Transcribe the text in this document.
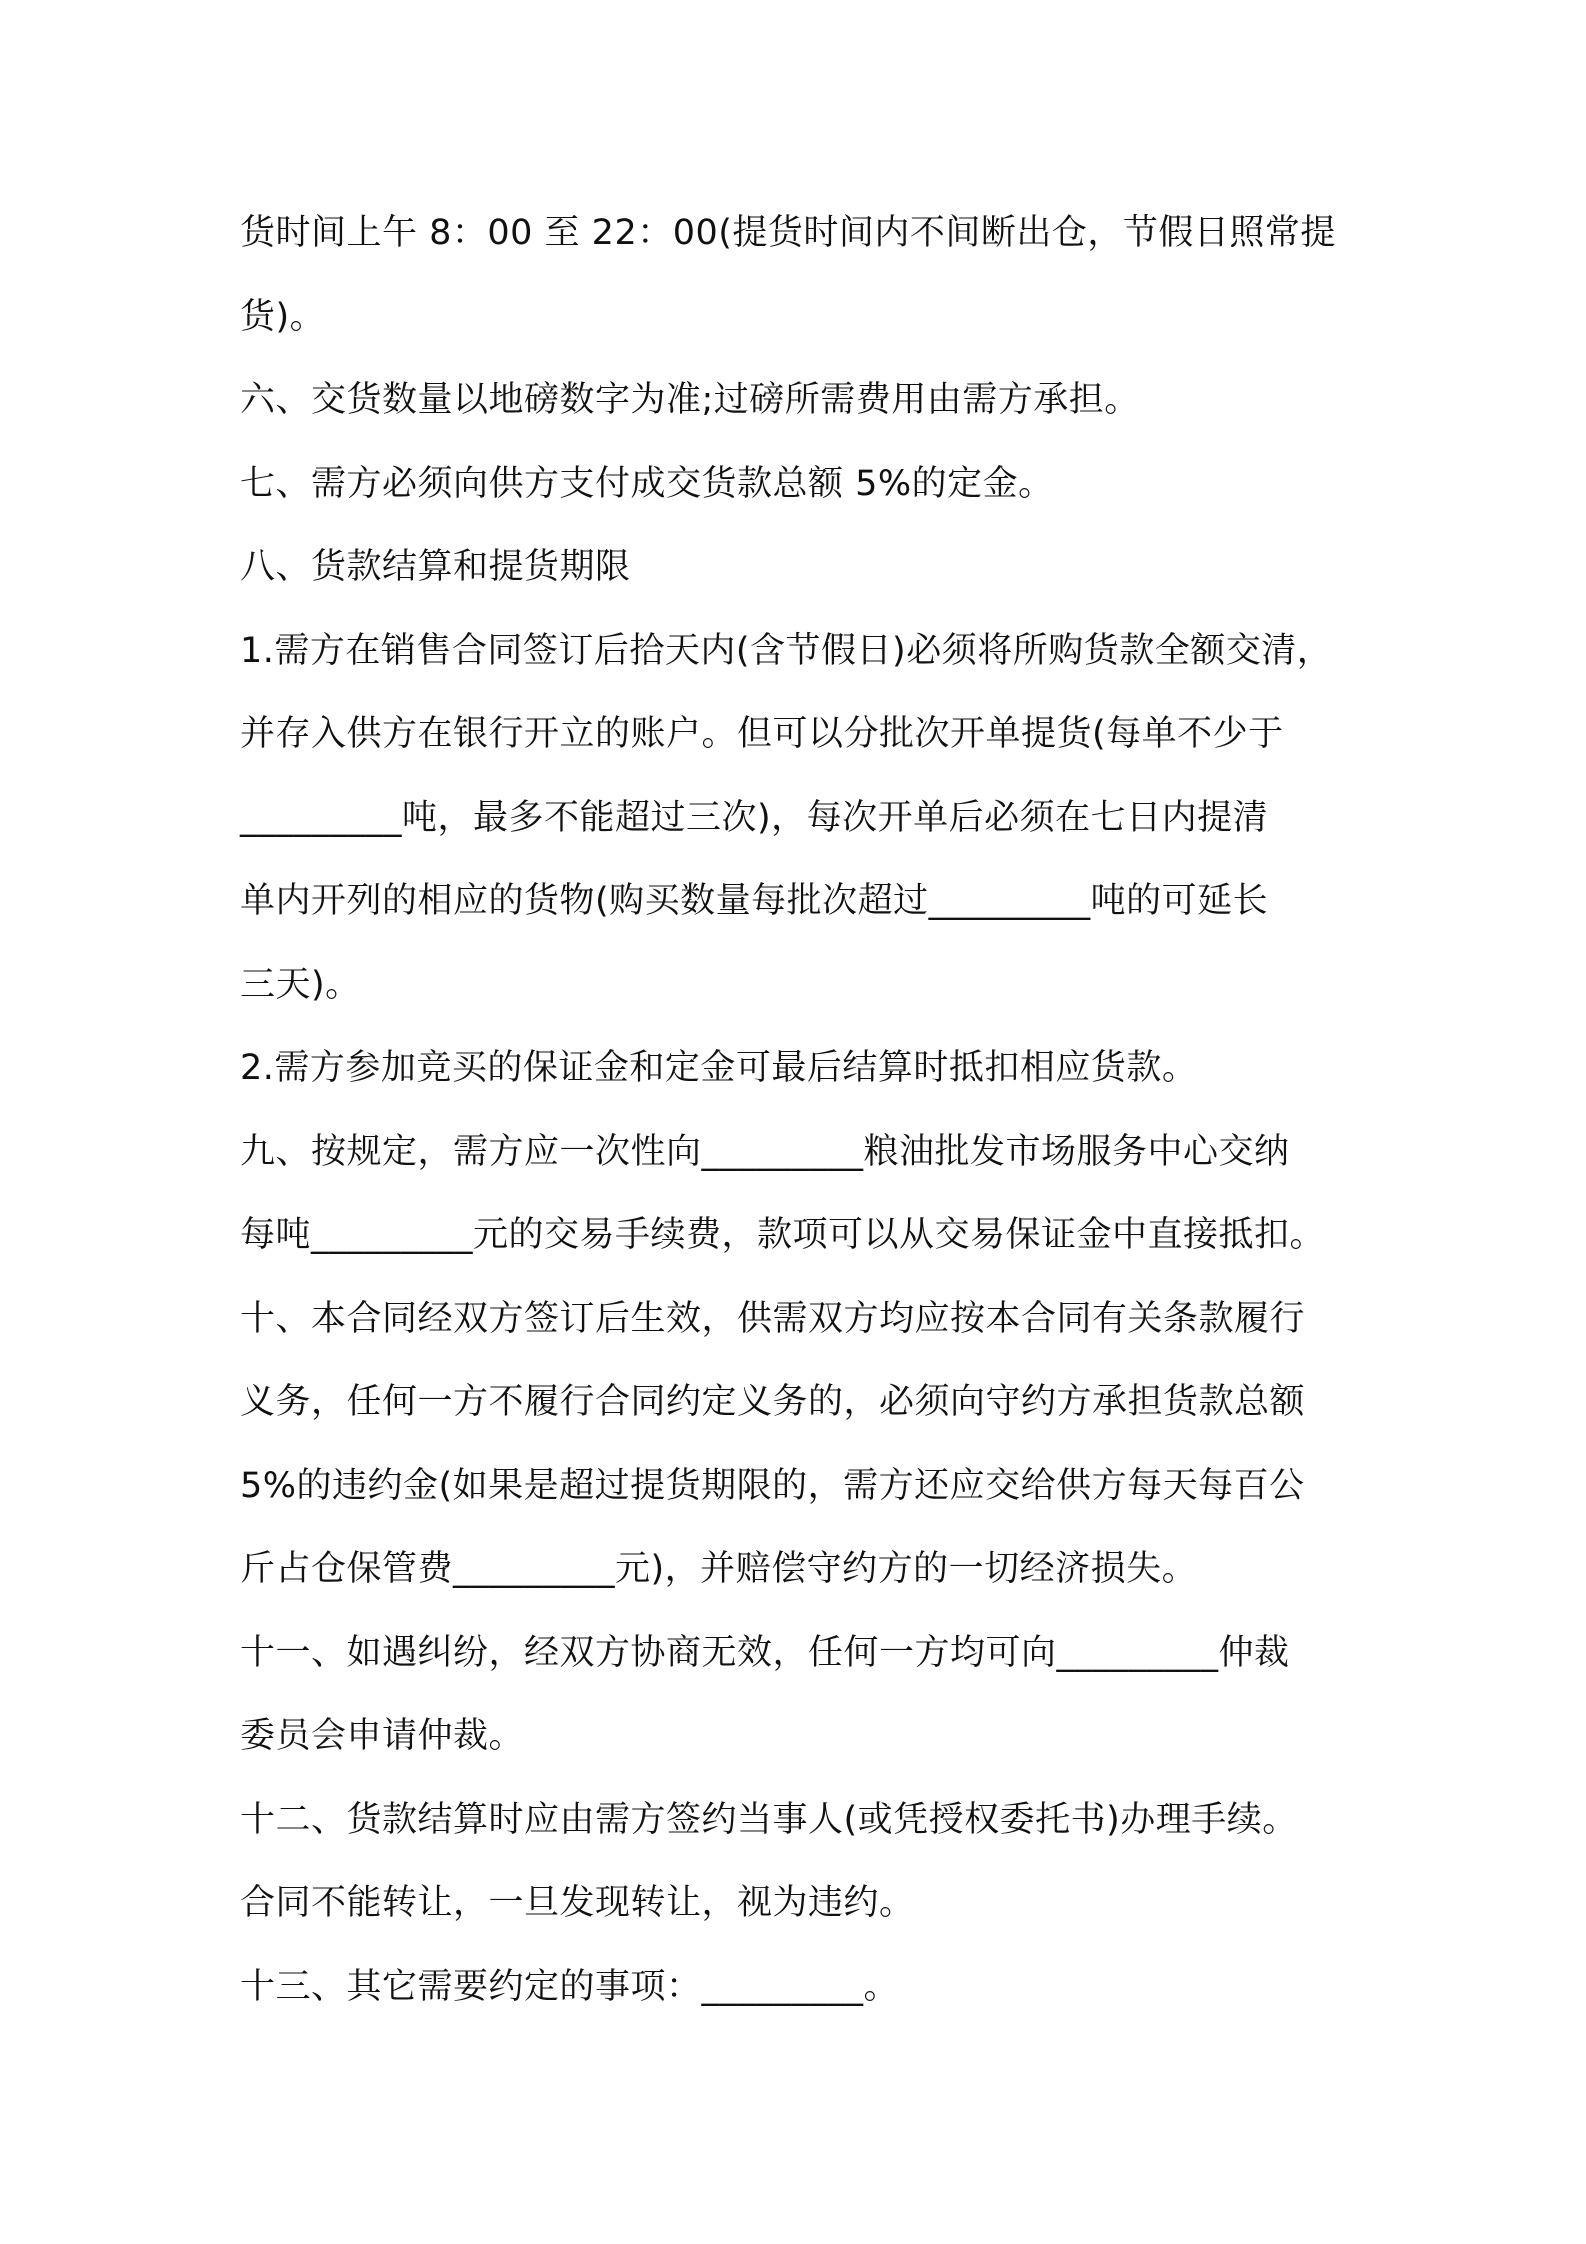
货时间上午 8：00 至 22：00(提货时间内不间断出仓，节假日照常提
货)。
六、交货数量以地磅数字为准;过磅所需费用由需方承担。
七、需方必须向供方支付成交货款总额 5%的定金。
八、货款结算和提货期限
1.需方在销售合同签订后拾天内(含节假日)必须将所购货款全额交清，
并存入供方在银行开立的账户。但可以分批次开单提货(每单不少于
_________吨，最多不能超过三次)，每次开单后必须在七日内提清
单内开列的相应的货物(购买数量每批次超过_________吨的可延长
三天)。
2.需方参加竞买的保证金和定金可最后结算时抵扣相应货款。
九、按规定，需方应一次性向_________粮油批发市场服务中心交纳
每吨_________元的交易手续费，款项可以从交易保证金中直接抵扣。
十、本合同经双方签订后生效，供需双方均应按本合同有关条款履行
义务，任何一方不履行合同约定义务的，必须向守约方承担货款总额
5%的违约金(如果是超过提货期限的，需方还应交给供方每天每百公
斤占仓保管费_________元)，并赔偿守约方的一切经济损失。
十一、如遇纠纷，经双方协商无效，任何一方均可向_________仲裁
委员会申请仲裁。
十二、货款结算时应由需方签约当事人(或凭授权委托书)办理手续。
合同不能转让，一旦发现转让，视为违约。
十三、其它需要约定的事项：_________。
